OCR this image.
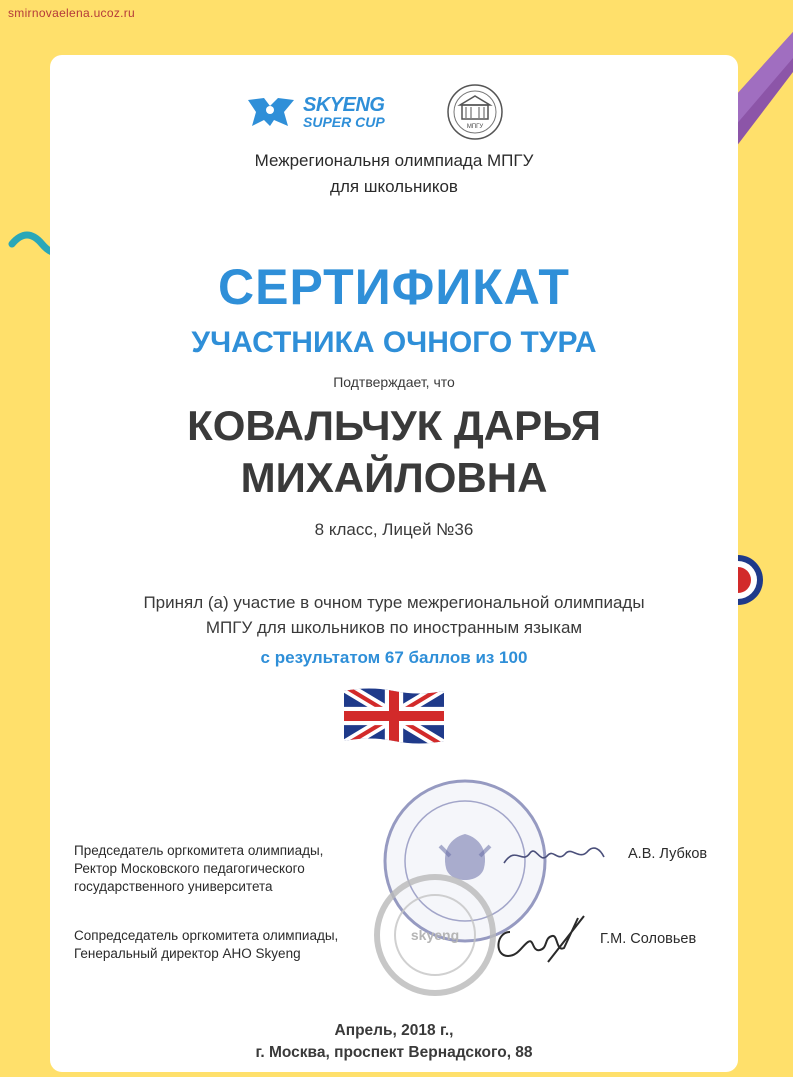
smirnovaelena.ucoz.ru
SKYENG
SUPER CUP	МПГУ
Межрегиональня олимпиада МПГУ
для школьников
СЕРТИФИКАТ
УЧАСТНИКА ОЧНОГО ТУРА
Подтверждает, что
КОВАЛЬЧУК ДАРЬЯ
МИХАЙЛОВНА
8 класс, Лицей №36
Принял (а) участие в очном туре межрегиональной олимпиады
МПГУ для школьников по иностранным языкам
с результатом 67 баллов из 100
skyeng
Председатель оргкомитета олимпиады,
Ректор Московского педагогического
государственного университета
А.В. Лубков
Сопредседатель оргкомитета олимпиады,
Генеральный директор АНО Skyeng
Г.М. Соловьев
Апрель, 2018 г.,
г. Москва, проспект Вернадского, 88
